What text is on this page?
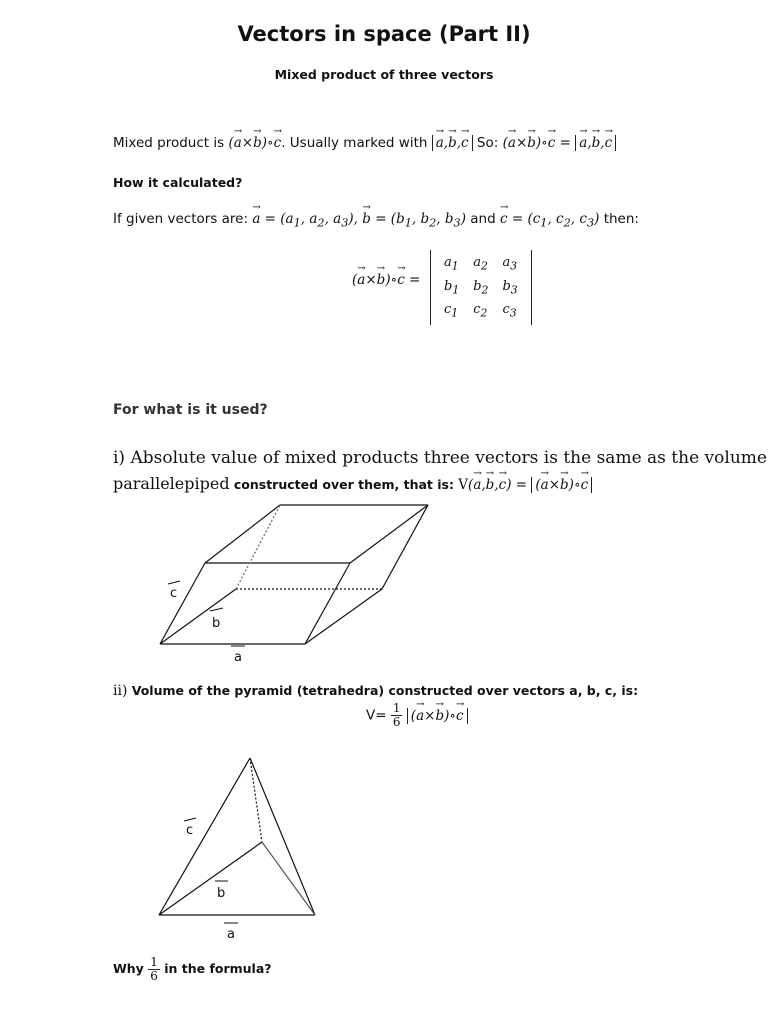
Vectors in space (Part II)
Mixed product of three vectors
Mixed product is (→ a×→ b)∘→ c. Usually marked with → a,→ b,→ c So: (→ a×→ b)∘→ c = → a,→ b,→ c
How it calculated?
If given vectors are: → $a = (a_1$, $a_2$, $a_3$), → $b = (b_1$, $b_2$, $b_3$) and → $c = (c_1$, $c_2$, $c_3$) then:
(→ a×→ b)∘→ c =
$a_1$	$a_2$	$a_3$
$b_1$	$b_2$	$b_3$
$c_1$	$c_2$	$c_3$
For what is it used?
i) Absolute value of mixed products three vectors is the same as the volume
parallelepiped constructed over them, that is: V(→ a,→ b,→ c) = (→ a×→ b)∘→ c
c
b
a
ii) Volume of the pyramid (tetrahedra) constructed over vectors a, b, c, is:
$V= \frac{1}{6}$ (→ a×→ b)∘→ c
c
b
a
Why $\frac{1}{6}$ in the formula?
